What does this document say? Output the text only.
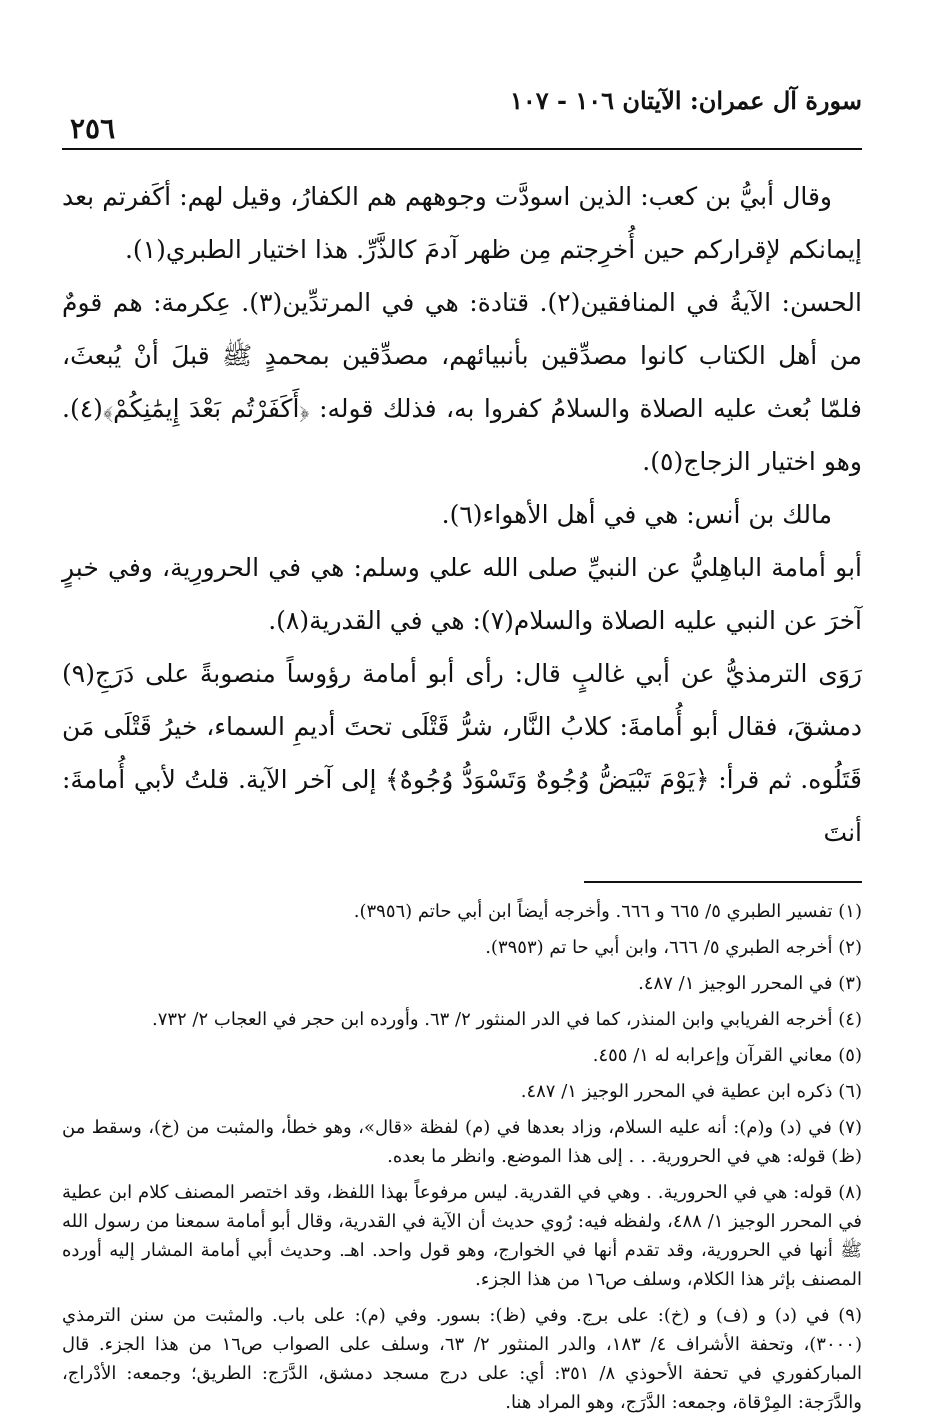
سورة آل عمران: الآيتان ١٠٦ - ١٠٧
٢٥٦

وقال أبيُّ بن كعب: الذين اسودَّت وجوههم هم الكفارُ، وقيل لهم: أكَفرتم بعد إيمانكم لإقراركم حين أُخرِجتم مِن ظهر آدمَ كالذَّرِّ. هذا اختيار الطبري(١).

الحسن: الآيةُ في المنافقين(٢). قتادة: هي في المرتدِّين(٣). عِكرمة: هم قومٌ من أهل الكتاب كانوا مصدِّقين بأنبيائهم، مصدِّقين بمحمدٍ ﷺ قبلَ أنْ يُبعثَ، فلمّا بُعث عليه الصلاة والسلامُ كفروا به، فذلك قوله: ﴿أَكَفَرْتُم بَعْدَ إِيمَٰنِكُمْ﴾(٤). وهو اختيار الزجاج(٥).

مالك بن أنس: هي في أهل الأهواء(٦).

أبو أمامة الباهِليُّ عن النبيِّ صلى الله علي وسلم: هي في الحرورِية، وفي خبرٍ آخرَ عن النبي عليه الصلاة والسلام(٧): هي في القدرية(٨).

رَوَى الترمذيُّ عن أبي غالبٍ قال: رأى أبو أمامة رؤوساً منصوبةً على دَرَجِ(٩) دمشقَ، فقال أبو أُمامةَ: كلابُ النَّار، شرُّ قَتْلَى تحتَ أديمِ السماء، خيرُ قَتْلَى مَن قَتَلُوه. ثم قرأ: ﴿يَوْمَ تَبْيَضُّ وُجُوهٌ وَتَسْوَدُّ وُجُوهٌ﴾ إلى آخر الآية. قلتُ لأبي أُمامةَ: أنتَ

(١) تفسير الطبري ٥/ ٦٦٥ و ٦٦٦. وأخرجه أيضاً ابن أبي حاتم (٣٩٥٦).

(٢) أخرجه الطبري ٥/ ٦٦٦، وابن أبي حا تم (٣٩٥٣).

(٣) في المحرر الوجيز ١/ ٤٨٧.

(٤) أخرجه الفريابي وابن المنذر، كما في الدر المنثور ٢/ ٦٣. وأورده ابن حجر في العجاب ٢/ ٧٣٢.

(٥) معاني القرآن وإعرابه له ١/ ٤٥٥.

(٦) ذكره ابن عطية في المحرر الوجيز ١/ ٤٨٧.

(٧) في (د) و(م): أنه عليه السلام، وزاد بعدها في (م) لفظة «قال»، وهو خطأ، والمثبت من (خ)، وسقط من (ظ) قوله: هي في الحرورية. . . إلى هذا الموضع. وانظر ما بعده.

(٨) قوله: هي في الحرورية. . وهي في القدرية. ليس مرفوعاً بهذا اللفظ، وقد اختصر المصنف كلام ابن عطية في المحرر الوجيز ١/ ٤٨٨، ولفظه فيه: رُوي حديث أن الآية في القدرية، وقال أبو أمامة سمعنا من رسول الله ﷺ أنها في الحرورية، وقد تقدم أنها في الخوارج، وهو قول واحد. اهـ. وحديث أبي أمامة المشار إليه أورده المصنف بإثر هذا الكلام، وسلف ص١٦ من هذا الجزء.

(٩) في (د) و (ف) و (خ): على برج. وفي (ظ): بسور. وفي (م): على باب. والمثبت من سنن الترمذي (٣٠٠٠)، وتحفة الأشراف ٤/ ١٨٣، والدر المنثور ٢/ ٦٣، وسلف على الصواب ص١٦ من هذا الجزء. قال المباركفوري في تحفة الأحوذي ٨/ ٣٥١: أي: على درج مسجد دمشق، الدَّرَج: الطريق؛ وجمعه: الأدْراج، والدَّرَجة: المِرْقاة، وجمعه: الدَّرَج، وهو المراد هنا.
